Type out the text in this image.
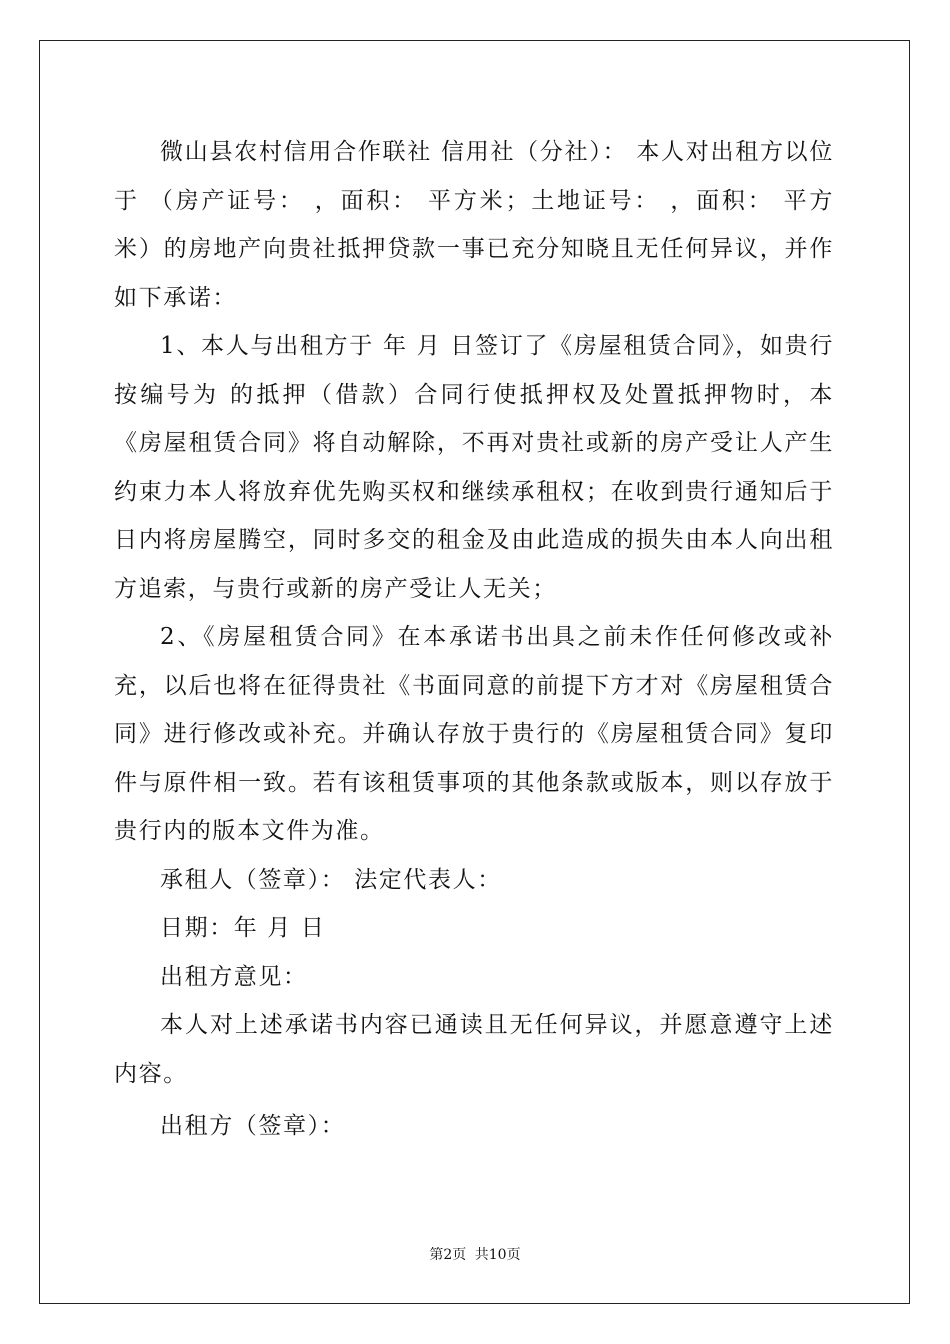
微山县农村信用合作联社 信用社（分社）： 本人对出租方以位于 （房产证号： ，面积： 平方米；土地证号： ，面积： 平方米）的房地产向贵社抵押贷款一事已充分知晓且无任何异议，并作如下承诺：

1、本人与出租方于 年 月 日签订了《房屋租赁合同》，如贵行按编号为 的抵押（借款）合同行使抵押权及处置抵押物时，本《房屋租赁合同》将自动解除，不再对贵社或新的房产受让人产生约束力本人将放弃优先购买权和继续承租权；在收到贵行通知后于 日内将房屋腾空，同时多交的租金及由此造成的损失由本人向出租方追索，与贵行或新的房产受让人无关；

2、《房屋租赁合同》在本承诺书出具之前未作任何修改或补充，以后也将在征得贵社《书面同意的前提下方才对《房屋租赁合同》进行修改或补充。并确认存放于贵行的《房屋租赁合同》复印件与原件相一致。若有该租赁事项的其他条款或版本，则以存放于贵行内的版本文件为准。

承租人（签章）： 法定代表人：

日期：年 月 日

出租方意见：

本人对上述承诺书内容已通读且无任何异议，并愿意遵守上述内容。

出租方（签章）：

第2页 共10页
